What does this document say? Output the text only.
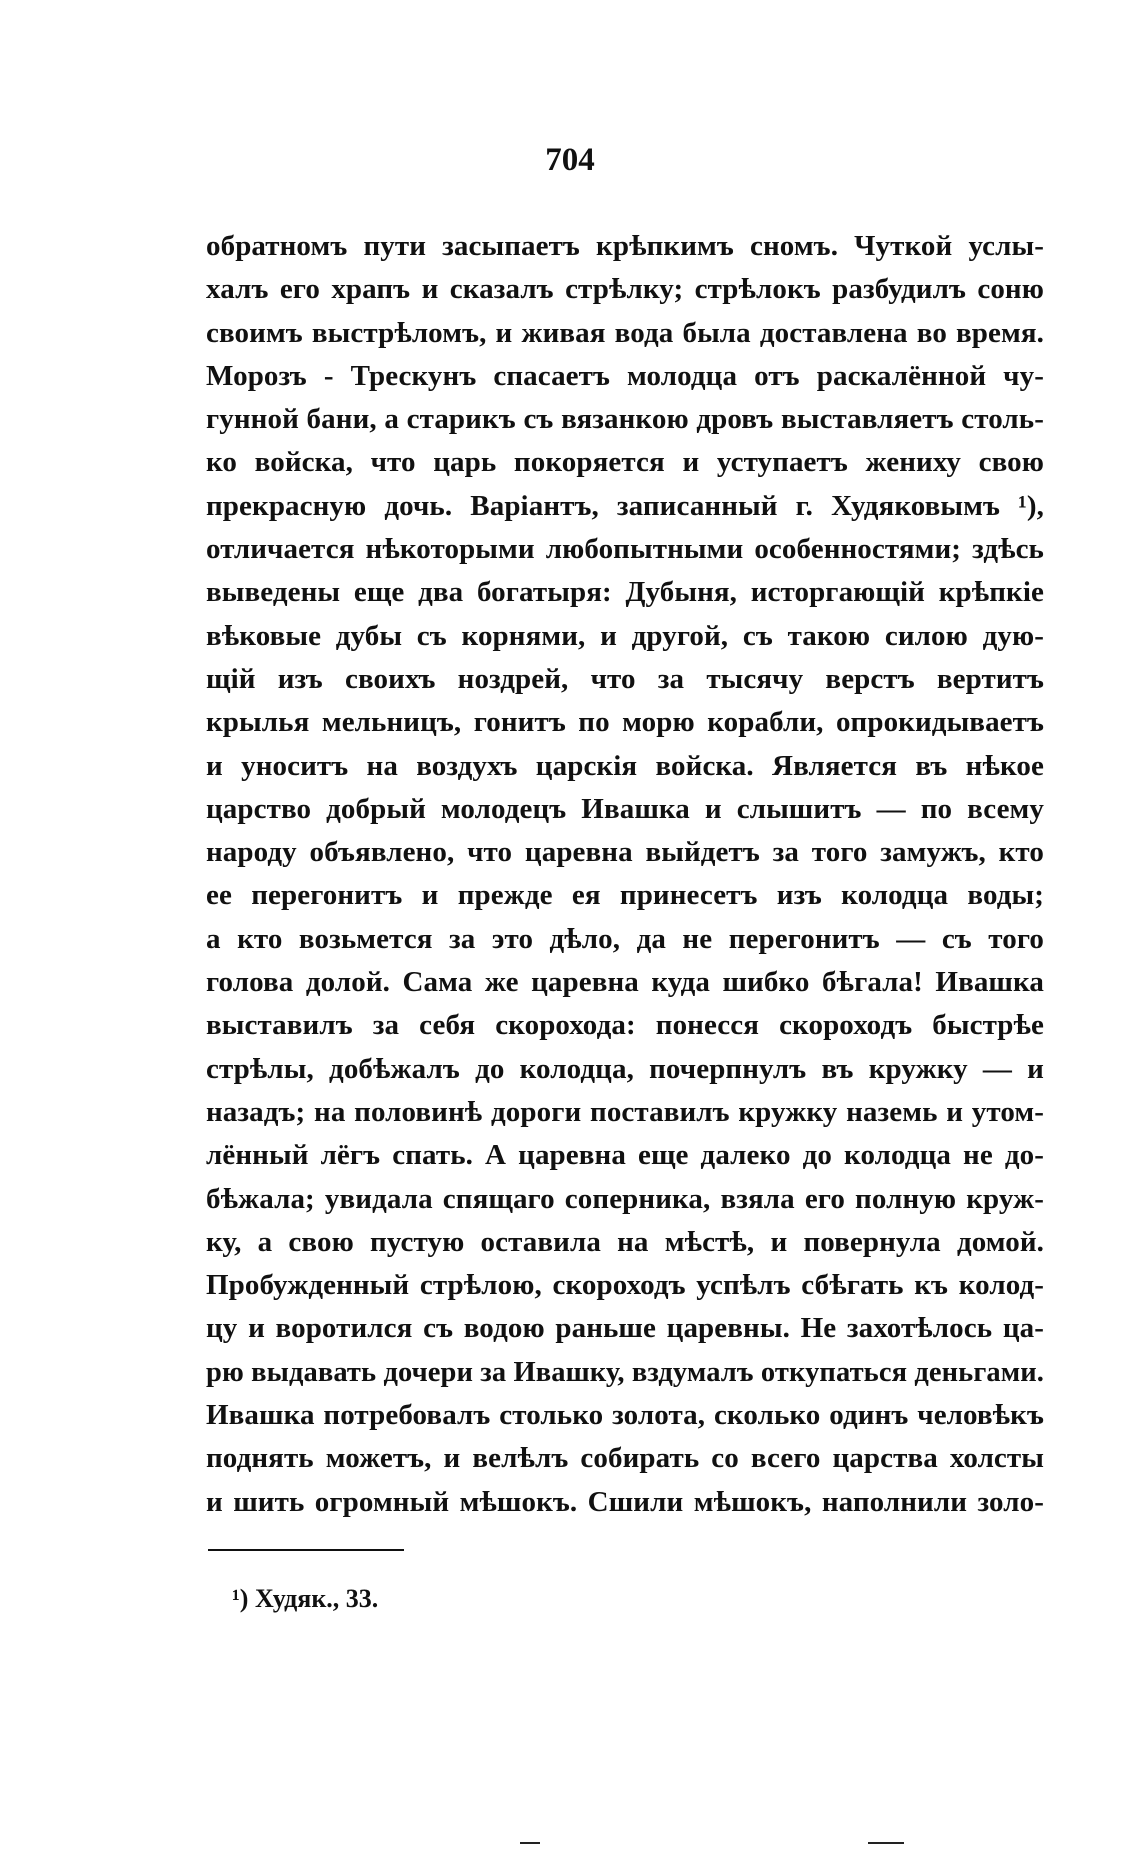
704
обратномъ пути засыпаетъ крѣпкимъ сномъ. Чуткой услы-
халъ его храпъ и сказалъ стрѣлку; стрѣлокъ разбудилъ соню
своимъ выстрѣломъ, и живая вода была доставлена во время.
Морозъ - Трескунъ спасаетъ молодца отъ раскалённой чу-
гунной бани, а старикъ съ вязанкою дровъ выставляетъ столь-
ко войска, что царь покоряется и уступаетъ жениху свою
прекрасную дочь. Варіантъ, записанный г. Худяковымъ ¹),
отличается нѣкоторыми любопытными особенностями; здѣсь
выведены еще два богатыря: Дубыня, исторгающій крѣпкіе
вѣковые дубы съ корнями, и другой, съ такою силою дую-
щій изъ своихъ ноздрей, что за тысячу верстъ вертитъ
крылья мельницъ, гонитъ по морю корабли, опрокидываетъ
и уноситъ на воздухъ царскія войска. Является въ нѣкое
царство добрый молодецъ Ивашка и слышитъ — по всему
народу объявлено, что царевна выйдетъ за того замужъ, кто
ее перегонитъ и прежде ея принесетъ изъ колодца воды;
а кто возьмется за это дѣло, да не перегонитъ — съ того
голова долой. Сама же царевна куда шибко бѣгала! Ивашка
выставилъ за себя скорохода: понесся скороходъ быстрѣе
стрѣлы, добѣжалъ до колодца, почерпнулъ въ кружку — и
назадъ; на половинѣ дороги поставилъ кружку наземь и утом-
лённый лёгъ спать. А царевна еще далеко до колодца не до-
бѣжала; увидала спящаго соперника, взяла его полную круж-
ку, а свою пустую оставила на мѣстѣ, и повернула домой.
Пробужденный стрѣлою, скороходъ успѣлъ сбѣгать къ колод-
цу и воротился съ водою раньше царевны. Не захотѣлось ца-
рю выдавать дочери за Ивашку, вздумалъ откупаться деньгами.
Ивашка потребовалъ столько золота, сколько одинъ человѣкъ
поднять можетъ, и велѣлъ собирать со всего царства холсты
и шить огромный мѣшокъ. Сшили мѣшокъ, наполнили золо-
¹) Худяк., 33.
